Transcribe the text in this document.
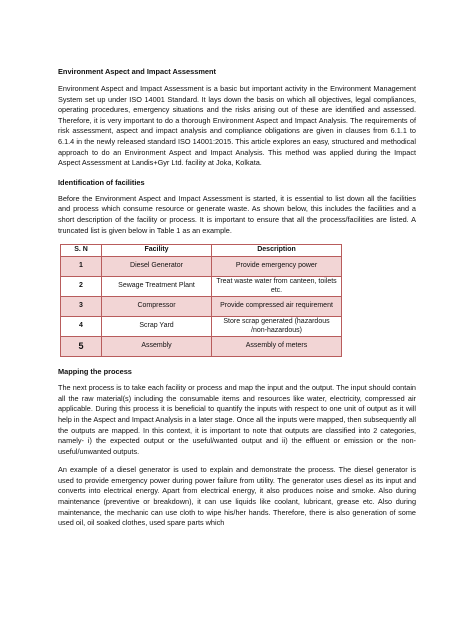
Environment Aspect and Impact Assessment

Environment Aspect and Impact Assessment is a basic but important activity in the Environment Management System set up under ISO 14001 Standard. It lays down the basis on which all objectives, legal compliances, operating procedures, emergency situations and the risks arising out of these are identified and assessed. Therefore, it is very important to do a thorough Environment Aspect and Impact Analysis. The requirements of risk assessment, aspect and impact analysis and compliance obligations are given in clauses from 6.1.1 to 6.1.4 in the newly released standard ISO 14001:2015. This article explores an easy, structured and methodical approach to do an Environment Aspect and Impact Analysis. This method was applied during the Impact Aspect Assessment at Landis+Gyr Ltd. facility at Joka, Kolkata.

Identification of facilities

Before the Environment Aspect and Impact Assessment is started, it is essential to list down all the facilities and process which consume resource or generate waste. As shown below, this includes the facilities and a short description of the facility or process. It is important to ensure that all the process/facilities are listed. A truncated list is given below in Table 1 as an example.

S. N	Facility	Description
1	Diesel Generator	Provide emergency power
2	Sewage Treatment Plant	Treat waste water from canteen, toilets etc.
3	Compressor	Provide compressed air requirement
4	Scrap Yard	Store scrap generated (hazardous /non-hazardous)
5	Assembly	Assembly of meters
Mapping the process

The next process is to take each facility or process and map the input and the output. The input should contain all the raw material(s) including the consumable items and resources like water, electricity, compressed air applicable. During this process it is beneficial to quantify the inputs with respect to one unit of output as it will help in the Aspect and Impact Analysis in a later stage. Once all the inputs were mapped, then subsequently all the outputs are mapped. In this context, it is important to note that outputs are classified into 2 categories, namely- i) the expected output or the useful/wanted output and ii) the effluent or emission or the non-useful/unwanted outputs.

An example of a diesel generator is used to explain and demonstrate the process. The diesel generator is used to provide emergency power during power failure from utility. The generator uses diesel as its input and converts into electrical energy. Apart from electrical energy, it also produces noise and smoke. Also during maintenance (preventive or breakdown), it can use liquids like coolant, lubricant, grease etc. Also during maintenance, the mechanic can use cloth to wipe his/her hands. Therefore, there is also generation of some used oil, oil soaked clothes, used spare parts which
